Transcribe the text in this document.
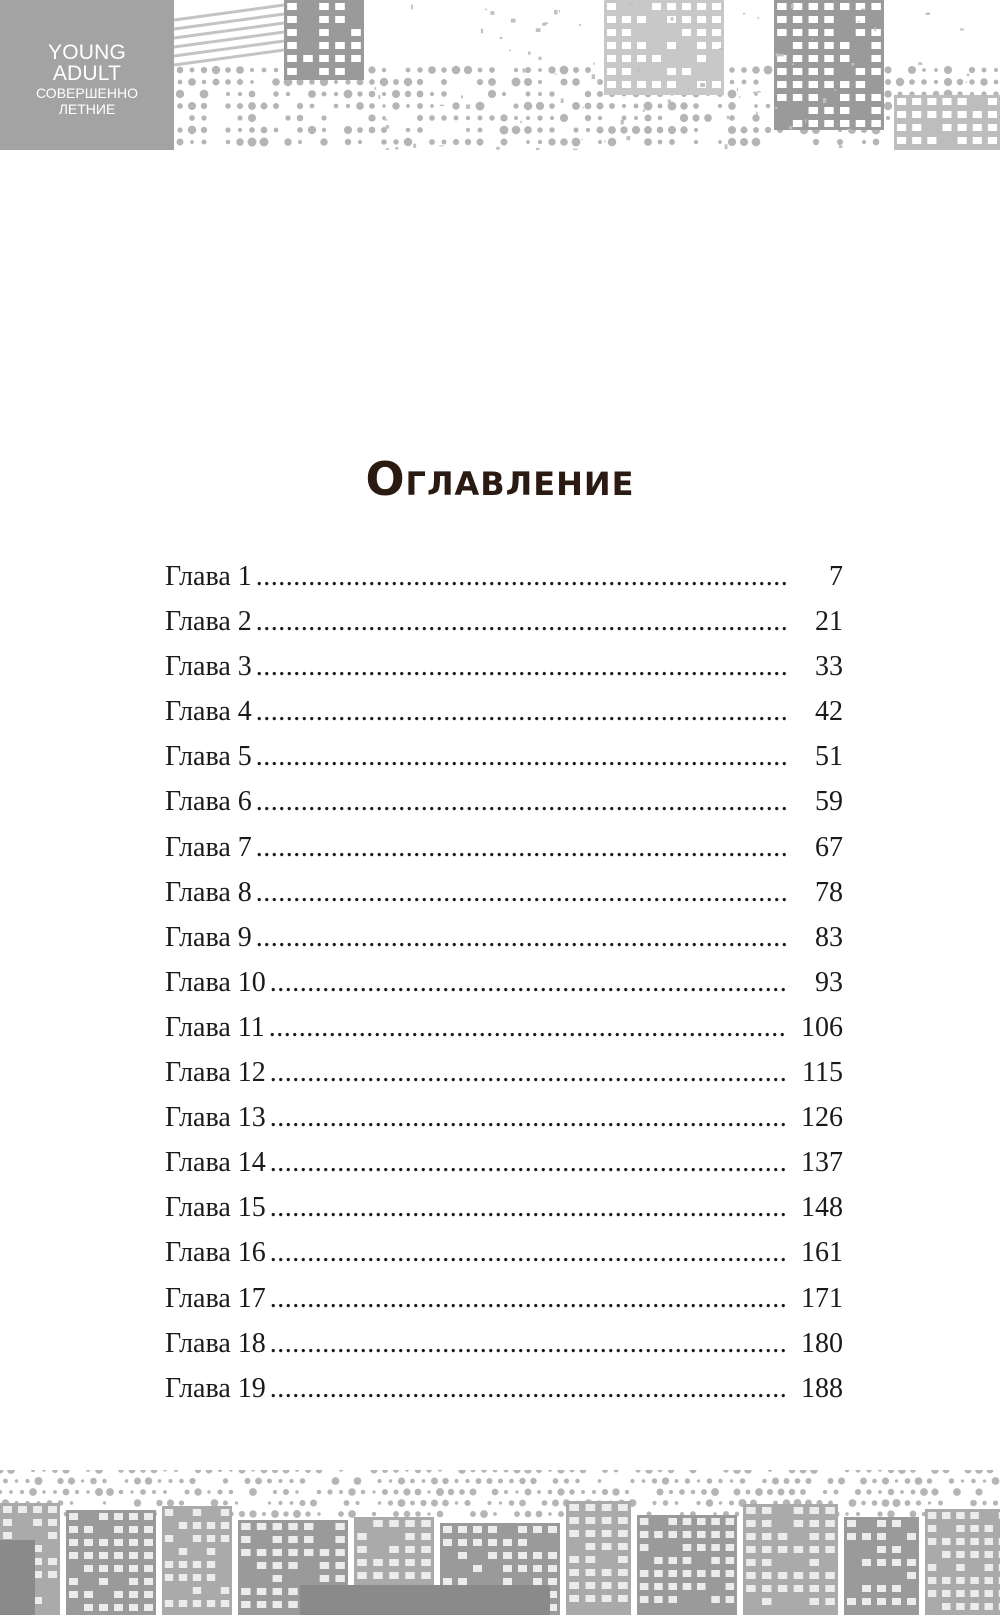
YOUNG
ADULT
СОВЕРШЕННО
ЛЕТНИЕ
Оглавление
Глава 1 .....	7
Глава 2 .....	21
Глава 3 .....	33
Глава 4 .....	42
Глава 5 .....	51
Глава 6 .....	59
Глава 7 .....	67
Глава 8 .....	78
Глава 9 .....	83
Глава 10 .....	93
Глава 11 .....	106
Глава 12 .....	115
Глава 13 .....	126
Глава 14 .....	137
Глава 15 .....	148
Глава 16 .....	161
Глава 17 .....	171
Глава 18 .....	180
Глава 19 .....	188
